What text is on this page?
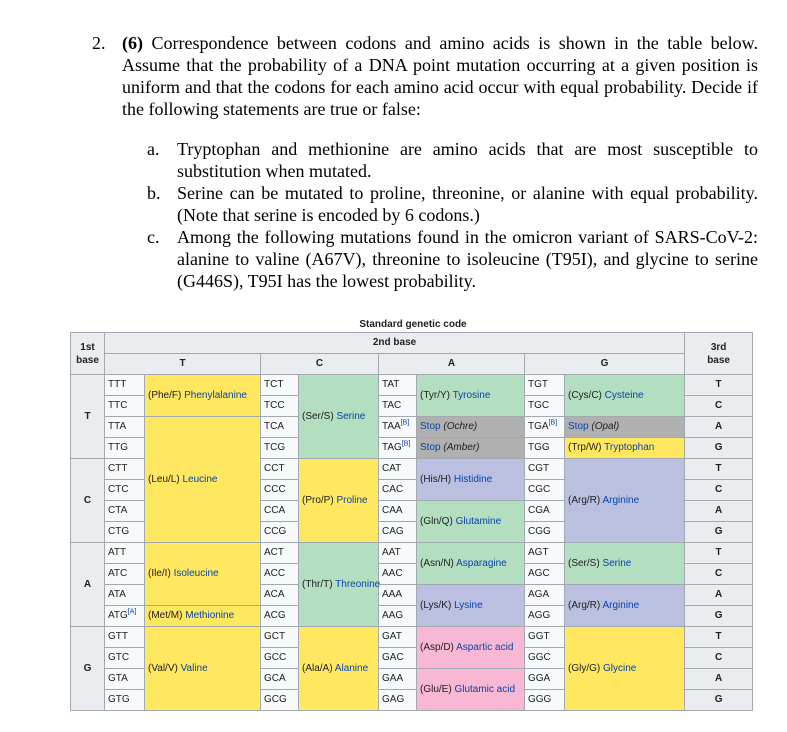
2. (6) Correspondence between codons and amino acids is shown in the table below. Assume that the probability of a DNA point mutation occurring at a given position is uniform and that the codons for each amino acid occur with equal probability. Decide if the following statements are true or false:
a. Tryptophan and methionine are amino acids that are most susceptible to substitution when mutated.
b. Serine can be mutated to proline, threonine, or alanine with equal probability. (Note that serine is encoded by 6 codons.)
c. Among the following mutations found in the omicron variant of SARS-CoV-2: alanine to valine (A67V), threonine to isoleucine (T95I), and glycine to serine (G446S), T95I has the lowest probability.
Standard genetic code
1st
base	2nd base								3rd
base
	T		C		A		G		
T	TTT	(Phe/F) Phenylalanine	TCT	(Ser/S) Serine	TAT	(Tyr/Y) Tyrosine	TGT	(Cys/C) Cysteine	T
	TTC		TCC		TAC		TGC		C
	TTA	(Leu/L) Leucine	TCA		TAA[B]	Stop (Ochre)	TGA[B]	Stop (Opal)	A
	TTG		TCG		TAG[B]	Stop (Amber)	TGG	(Trp/W) Tryptophan	G
C	CTT		CCT	(Pro/P) Proline	CAT	(His/H) Histidine	CGT	(Arg/R) Arginine	T
	CTC		CCC		CAC		CGC		C
	CTA		CCA		CAA	(Gln/Q) Glutamine	CGA		A
	CTG		CCG		CAG		CGG		G
A	ATT	(Ile/I) Isoleucine	ACT	(Thr/T) Threonine	AAT	(Asn/N) Asparagine	AGT	(Ser/S) Serine	T
	ATC		ACC		AAC		AGC		C
	ATA		ACA		AAA	(Lys/K) Lysine	AGA	(Arg/R) Arginine	A
	ATG[A]	(Met/M) Methionine	ACG		AAG		AGG		G
G	GTT	(Val/V) Valine	GCT	(Ala/A) Alanine	GAT	(Asp/D) Aspartic acid	GGT	(Gly/G) Glycine	T
	GTC		GCC		GAC		GGC		C
	GTA		GCA		GAA	(Glu/E) Glutamic acid	GGA		A
	GTG		GCG		GAG		GGG		G
